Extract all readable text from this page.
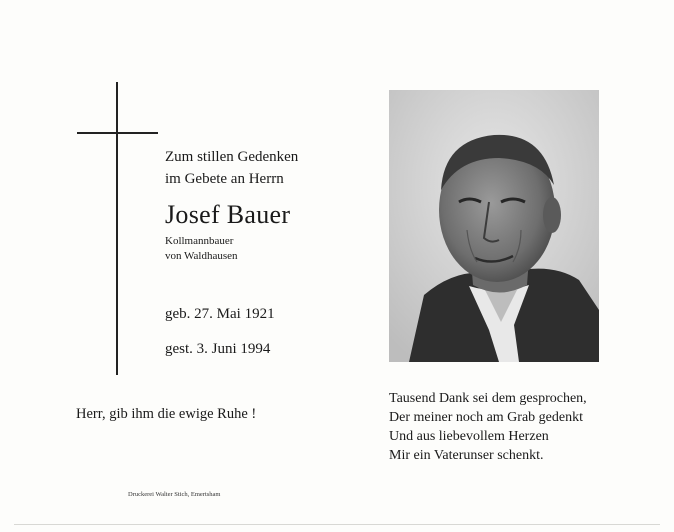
Zum stillen Gedenken
im Gebete an Herrn
Josef Bauer
Kollmannbauer
von Waldhausen
geb. 27. Mai 1921
gest. 3. Juni 1994
Herr, gib ihm die ewige Ruhe !
Druckerei Walter Stich, Emertsham
Tausend Dank sei dem gesprochen,
Der meiner noch am Grab gedenkt
Und aus liebevollem Herzen
Mir ein Vaterunser schenkt.
